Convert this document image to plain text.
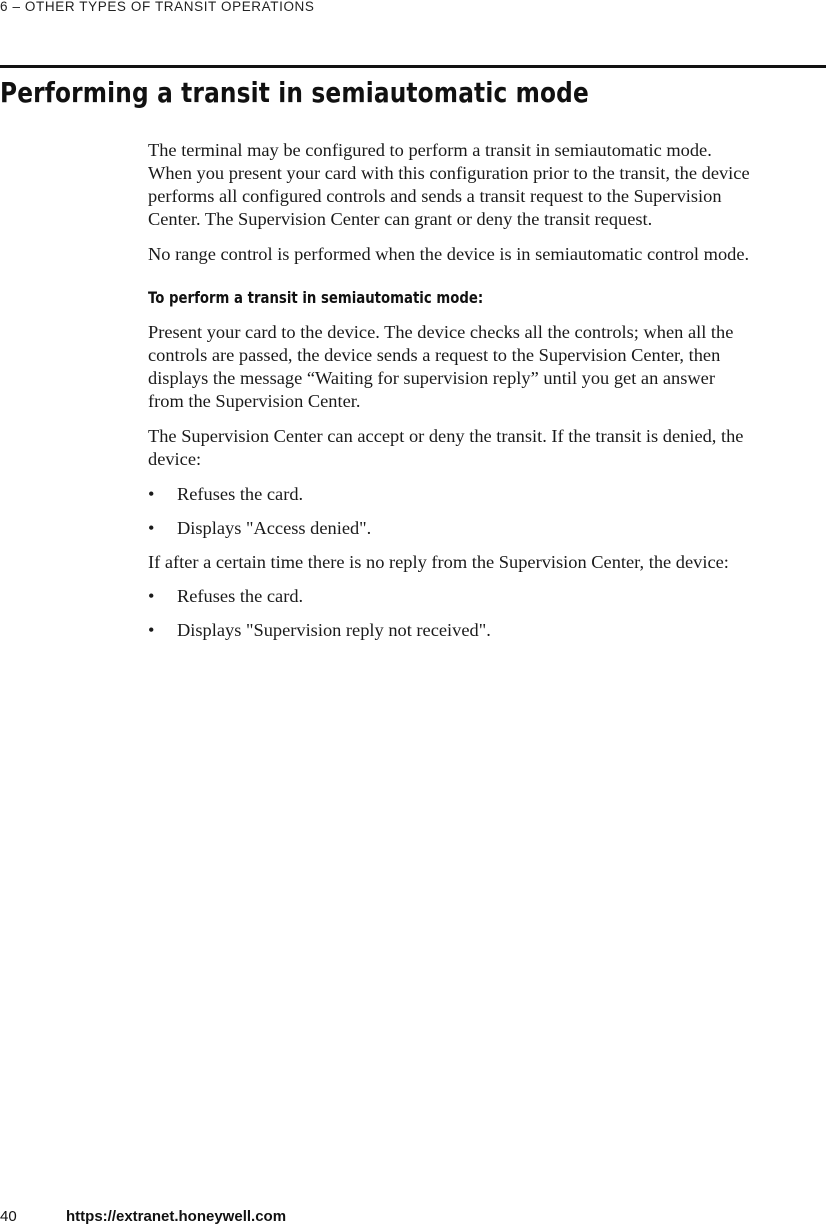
6 – OTHER TYPES OF TRANSIT OPERATIONS
Performing a transit in semiautomatic mode

The terminal may be configured to perform a transit in semiautomatic mode.
When you present your card with this configuration prior to the transit, the device
performs all configured controls and sends a transit request to the Supervision
Center. The Supervision Center can grant or deny the transit request.

No range control is performed when the device is in semiautomatic control mode.

To perform a transit in semiautomatic mode:

Present your card to the device. The device checks all the controls; when all the
controls are passed, the device sends a request to the Supervision Center, then
displays the message “Waiting for supervision reply” until you get an answer
from the Supervision Center.

The Supervision Center can accept or deny the transit. If the transit is denied, the
device:

• Refuses the card.
• Displays "Access denied".

If after a certain time there is no reply from the Supervision Center, the device:

• Refuses the card.
• Displays "Supervision reply not received".
40	https://extranet.honeywell.com
